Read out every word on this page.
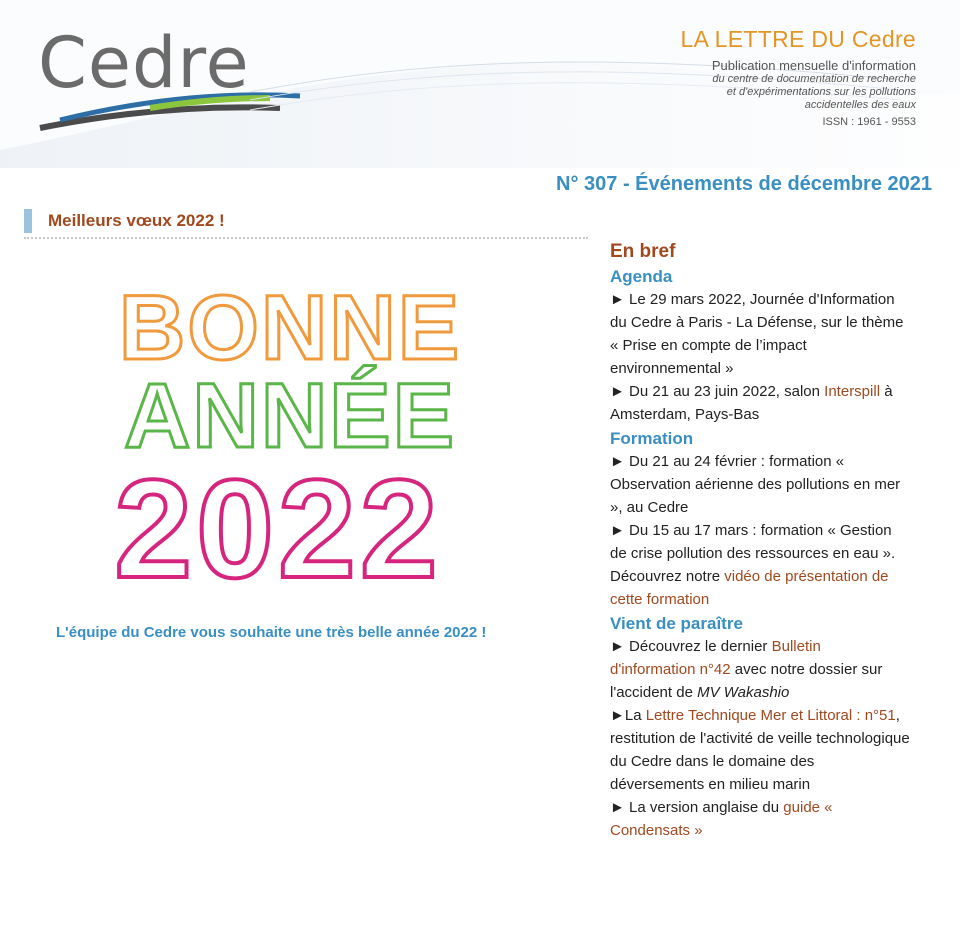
Cedre	LA LETTRE DU Cedre
Publication mensuelle d'information
du centre de documentation de recherche
et d'expérimentations sur les pollutions
accidentelles des eaux
ISSN : 1961 - 9553
N° 307 - Événements de décembre 2021
Meilleurs vœux 2022 !
BONNE
ANNÉE
2022
L'équipe du Cedre vous souhaite une très belle année 2022 !
En bref
Agenda

► Le 29 mars 2022, Journée d'Information du Cedre à Paris - La Défense, sur le thème « Prise en compte de l’impact environnemental »

► Du 21 au 23 juin 2022, salon Interspill à Amsterdam, Pays-Bas

Formation

► Du 21 au 24 février : formation « Observation aérienne des pollutions en mer », au Cedre

► Du 15 au 17 mars : formation « Gestion de crise pollution des ressources en eau ». Découvrez notre vidéo de présentation de cette formation

Vient de paraître

► Découvrez le dernier Bulletin d'information n°42 avec notre dossier sur l'accident de MV Wakashio

►La Lettre Technique Mer et Littoral : n°51, restitution de l'activité de veille technologique du Cedre dans le domaine des déversements en milieu marin

► La version anglaise du guide « Condensats »
